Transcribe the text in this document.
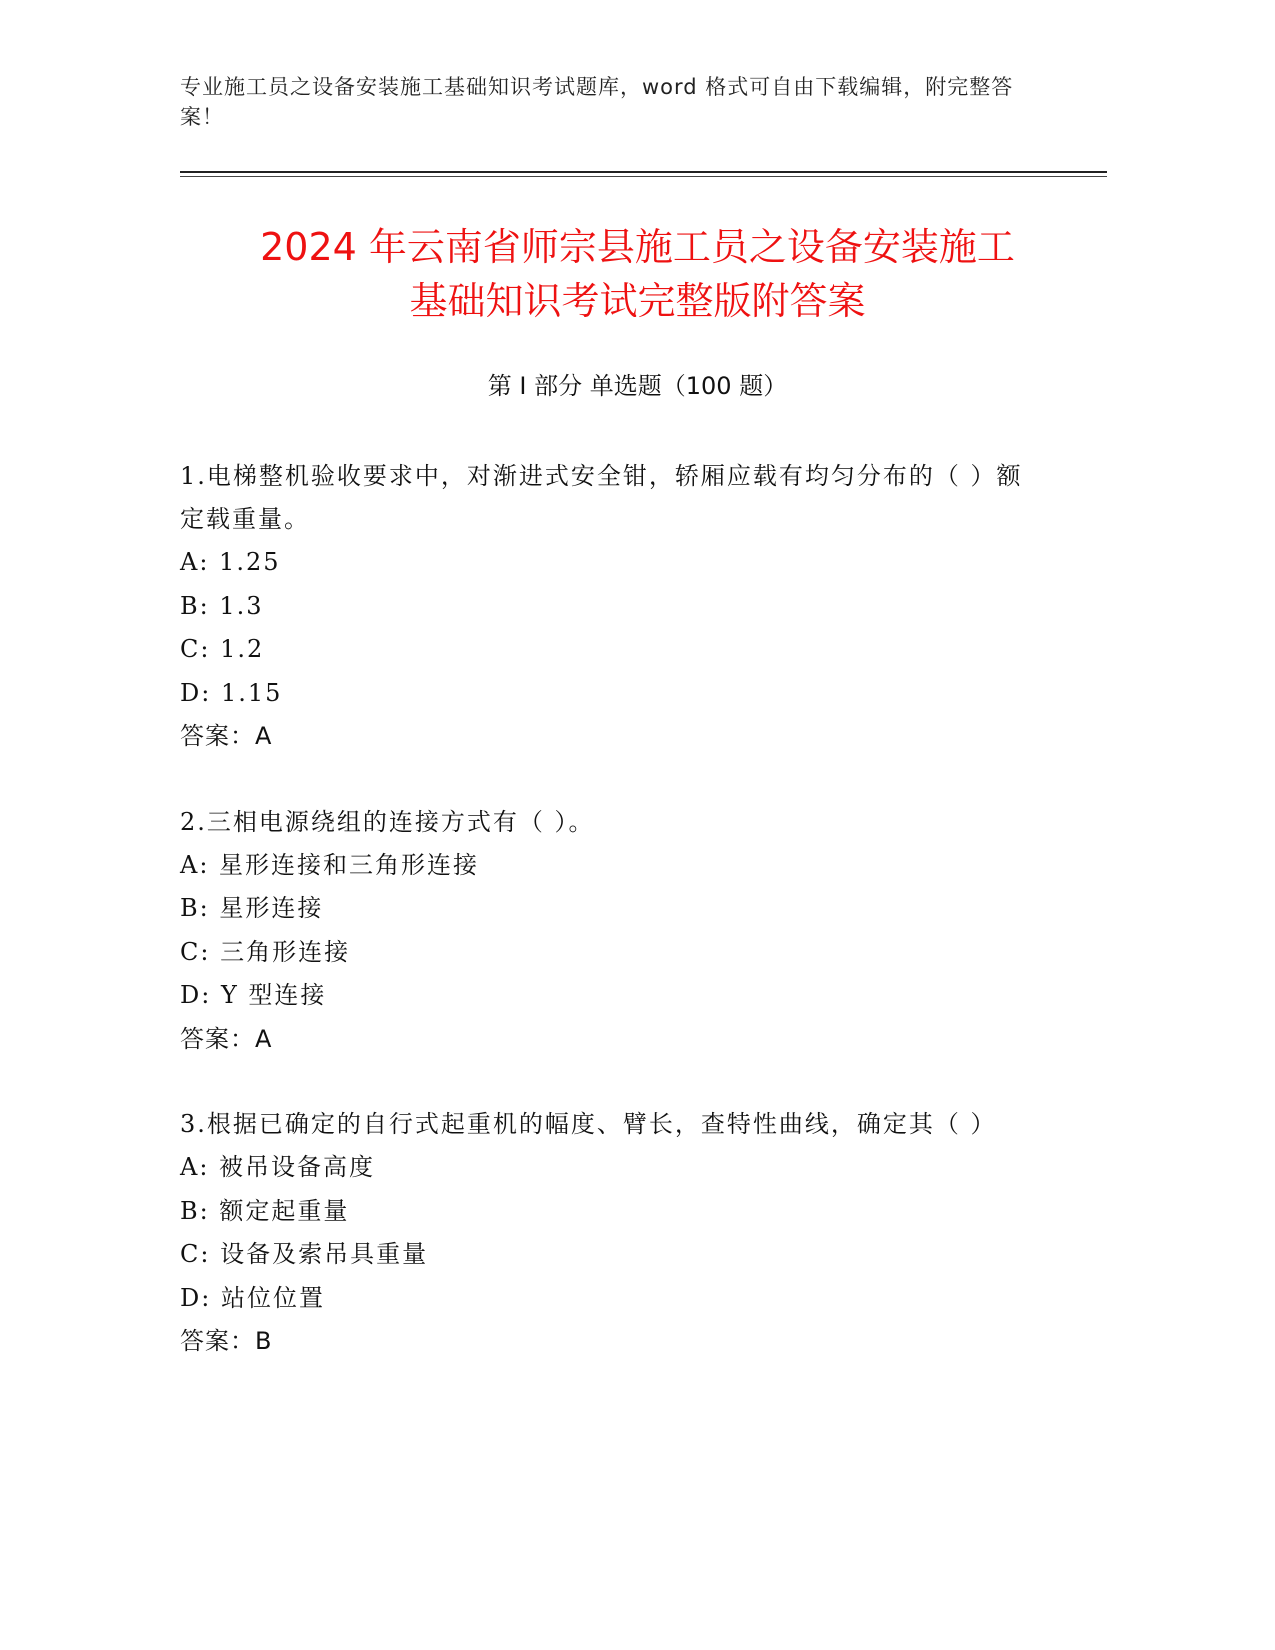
专业施工员之设备安装施工基础知识考试题库，word 格式可自由下载编辑，附完整答案！
2024 年云南省师宗县施工员之设备安装施工
基础知识考试完整版附答案
第 I 部分 单选题（100 题）
1.电梯整机验收要求中，对渐进式安全钳，轿厢应载有均匀分布的（ ）额定载重量。
A: 1.25
B: 1.3
C: 1.2
D: 1.15
答案：A
2.三相电源绕组的连接方式有（ ）。
A: 星形连接和三角形连接
B: 星形连接
C: 三角形连接
D: Y 型连接
答案：A
3.根据已确定的自行式起重机的幅度、臂长，查特性曲线，确定其（ ）
A: 被吊设备高度
B: 额定起重量
C: 设备及索吊具重量
D: 站位位置
答案：B
